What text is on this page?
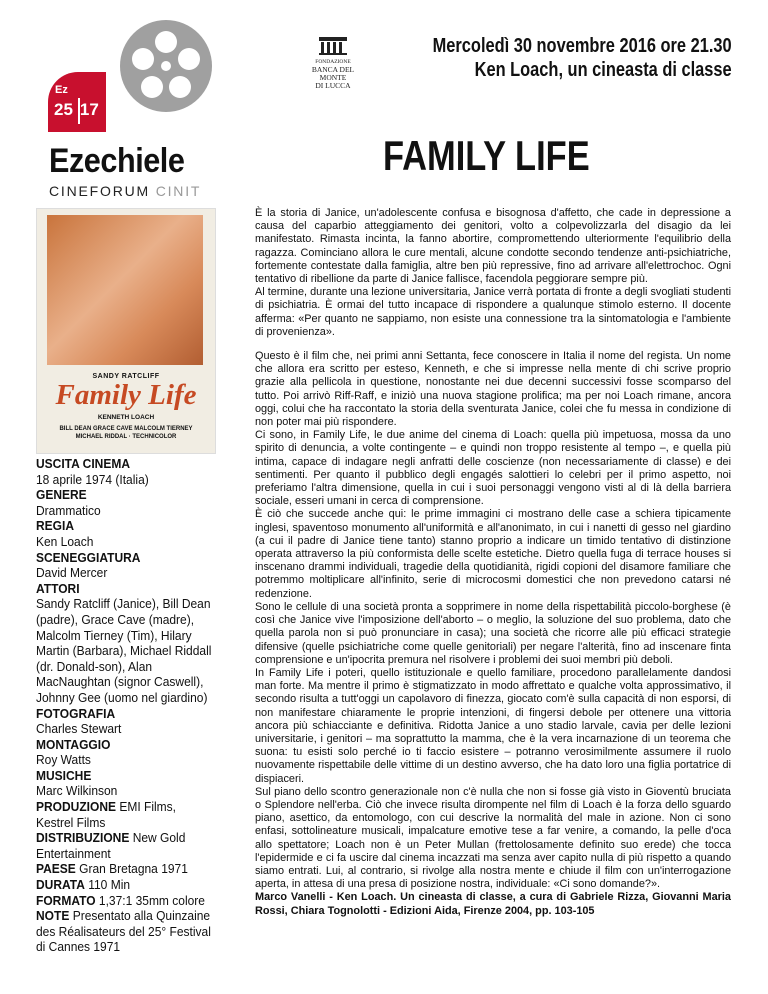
Ez
25 17
Ezechiele
CINEFORUM CINIT
FONDAZIONE
BANCA DEL MONTE
DI LUCCA
Mercoledì 30 novembre 2016 ore 21.30
Ken Loach, un cineasta di classe
FAMILY LIFE
SANDY RATCLIFF
Family Life
KENNETH LOACH
BILL DEAN GRACE CAVE MALCOLM TIERNEY
MICHAEL RIDDAL · TECHNICOLOR
USCITA CINEMA
18 aprile 1974 (Italia)
GENERE
Drammatico
REGIA
Ken Loach
SCENEGGIATURA
David Mercer
ATTORI
Sandy Ratcliff (Janice), Bill Dean (padre), Grace Cave (madre), Malcolm Tierney (Tim), Hilary Martin (Barbara), Michael Riddall (dr. Donald-son), Alan MacNaughtan (signor Caswell), Johnny Gee (uomo nel giardino)
FOTOGRAFIA
Charles Stewart
MONTAGGIO
Roy Watts
MUSICHE
Marc Wilkinson
PRODUZIONE EMI Films, Kestrel Films
DISTRIBUZIONE New Gold Entertainment
PAESE Gran Bretagna 1971
DURATA 110 Min
FORMATO 1,37:1 35mm colore
NOTE Presentato alla Quinzaine des Réalisateurs del 25° Festival di Cannes 1971

È la storia di Janice, un'adolescente confusa e bisognosa d'affetto, che cade in depressione a causa del caparbio atteggiamento dei genitori, volto a colpevolizzarla del disagio da lei manifestato. Rimasta incinta, la fanno abortire, compromettendo ulteriormente l'equilibrio della ragazza. Cominciano allora le cure mentali, alcune condotte secondo tendenze anti-psichiatriche, fortemente contestate dalla famiglia, altre ben più repressive, fino ad arrivare all'elettrochoc. Ogni tentativo di ribellione da parte di Janice fallisce, facendola peggiorare sempre più.

Al termine, durante una lezione universitaria, Janice verrà portata di fronte a degli svogliati studenti di psichiatria. È ormai del tutto incapace di rispondere a qualunque stimolo esterno. Il docente afferma: «Per quanto ne sappiamo, non esiste una connessione tra la sintomatologia e l'ambiente di provenienza».

Questo è il film che, nei primi anni Settanta, fece conoscere in Italia il nome del regista. Un nome che allora era scritto per esteso, Kenneth, e che si impresse nella mente di chi scrive proprio grazie alla pellicola in questione, nonostante nei due decenni successivi fosse scomparso del tutto. Poi arrivò Riff-Raff, e iniziò una nuova stagione prolifica; ma per noi Loach rimane, ancora oggi, colui che ha raccontato la storia della sventurata Janice, colei che fu messa in condizione di non poter mai più rispondere.

Ci sono, in Family Life, le due anime del cinema di Loach: quella più impetuosa, mossa da uno spirito di denuncia, a volte contingente – e quindi non troppo resistente al tempo –, e quella più intima, capace di indagare negli anfratti delle coscienze (non necessariamente di classe) e dei sentimenti. Per quanto il pubblico degli engagés salottieri lo celebri per il primo aspetto, noi preferiamo l'altra dimensione, quella in cui i suoi personaggi vengono visti al di là della barriera sociale, esseri umani in cerca di comprensione.

È ciò che succede anche qui: le prime immagini ci mostrano delle case a schiera tipicamente inglesi, spaventoso monumento all'uniformità e all'anonimato, in cui i nanetti di gesso nel giardino (a cui il padre di Janice tiene tanto) stanno proprio a indicare un timido tentativo di distinzione operata attraverso la più conformista delle scelte estetiche. Dietro quella fuga di terrace houses si inscenano drammi individuali, tragedie della quotidianità, rigidi copioni del disamore familiare che potremmo moltiplicare all'infinito, serie di microcosmi domestici che non prevedono catarsi né redenzione.

Sono le cellule di una società pronta a sopprimere in nome della rispettabilità piccolo-borghese (è così che Janice vive l'imposizione dell'aborto – o meglio, la soluzione del suo problema, dato che quella parola non si può pronunciare in casa); una società che ricorre alle più efficaci strategie difensive (quelle psichiatriche come quelle genitoriali) per negare l'alterità, fino ad inscenare finta comprensione e un'ipocrita premura nel risolvere i problemi dei suoi membri più deboli.

In Family Life i poteri, quello istituzionale e quello familiare, procedono parallelamente dandosi man forte. Ma mentre il primo è stigmatizzato in modo affrettato e qualche volta approssimativo, il secondo risulta a tutt'oggi un capolavoro di finezza, giocato com'è sulla capacità di non esporsi, di non manifestare chiaramente le proprie intenzioni, di fingersi debole per ottenere una vittoria ancora più schiacciante e definitiva. Ridotta Janice a uno stadio larvale, cavia per delle lezioni universitarie, i genitori – ma soprattutto la mamma, che è la vera incarnazione di un teorema che suona: tu esisti solo perché io ti faccio esistere – potranno verosimilmente assumere il ruolo nuovamente rispettabile delle vittime di un destino avverso, che ha dato loro una figlia portatrice di dispiaceri.

Sul piano dello scontro generazionale non c'è nulla che non si fosse già visto in Gioventù bruciata o Splendore nell'erba. Ciò che invece risulta dirompente nel film di Loach è la forza dello sguardo piano, asettico, da entomologo, con cui descrive la normalità del male in azione. Non ci sono enfasi, sottolineature musicali, impalcature emotive tese a far venire, a comando, la pelle d'oca allo spettatore; Loach non è un Peter Mullan (frettolosamente definito suo erede) che tocca l'epidermide e ci fa uscire dal cinema incazzati ma senza aver capito nulla di più rispetto a quando siamo entrati. Lui, al contrario, si rivolge alla nostra mente e chiude il film con un'interrogazione aperta, in attesa di una presa di posizione nostra, individuale: «Ci sono domande?».

Marco Vanelli - Ken Loach. Un cineasta di classe, a cura di Gabriele Rizza, Giovanni Maria Rossi, Chiara Tognolotti - Edizioni Aida, Firenze 2004, pp. 103-105
